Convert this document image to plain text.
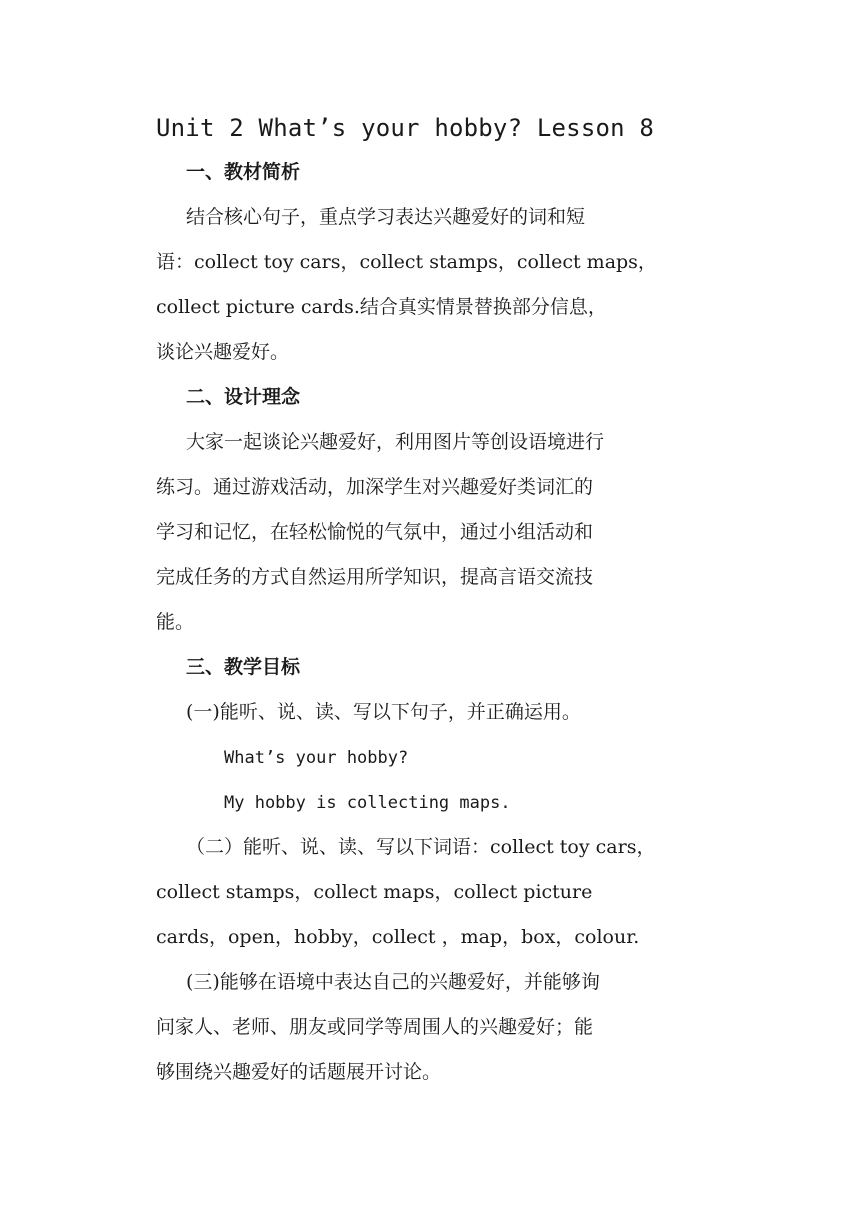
Unit 2 What’s your hobby? Lesson 8
一、教材简析
结合核心句子，重点学习表达兴趣爱好的词和短
语：collect toy cars，collect stamps，collect maps，
collect picture cards.结合真实情景替换部分信息，
谈论兴趣爱好。
二、设计理念
大家一起谈论兴趣爱好，利用图片等创设语境进行
练习。通过游戏活动，加深学生对兴趣爱好类词汇的
学习和记忆，在轻松愉悦的气氛中，通过小组活动和
完成任务的方式自然运用所学知识，提高言语交流技
能。
三、教学目标
(一)能听、说、读、写以下句子，并正确运用。
What’s your hobby?
My hobby is collecting maps.
（二）能听、说、读、写以下词语：collect toy cars，
collect stamps，collect maps，collect picture
cards，open，hobby，collect ，map，box，colour.
(三)能够在语境中表达自己的兴趣爱好，并能够询
问家人、老师、朋友或同学等周围人的兴趣爱好；能
够围绕兴趣爱好的话题展开讨论。
